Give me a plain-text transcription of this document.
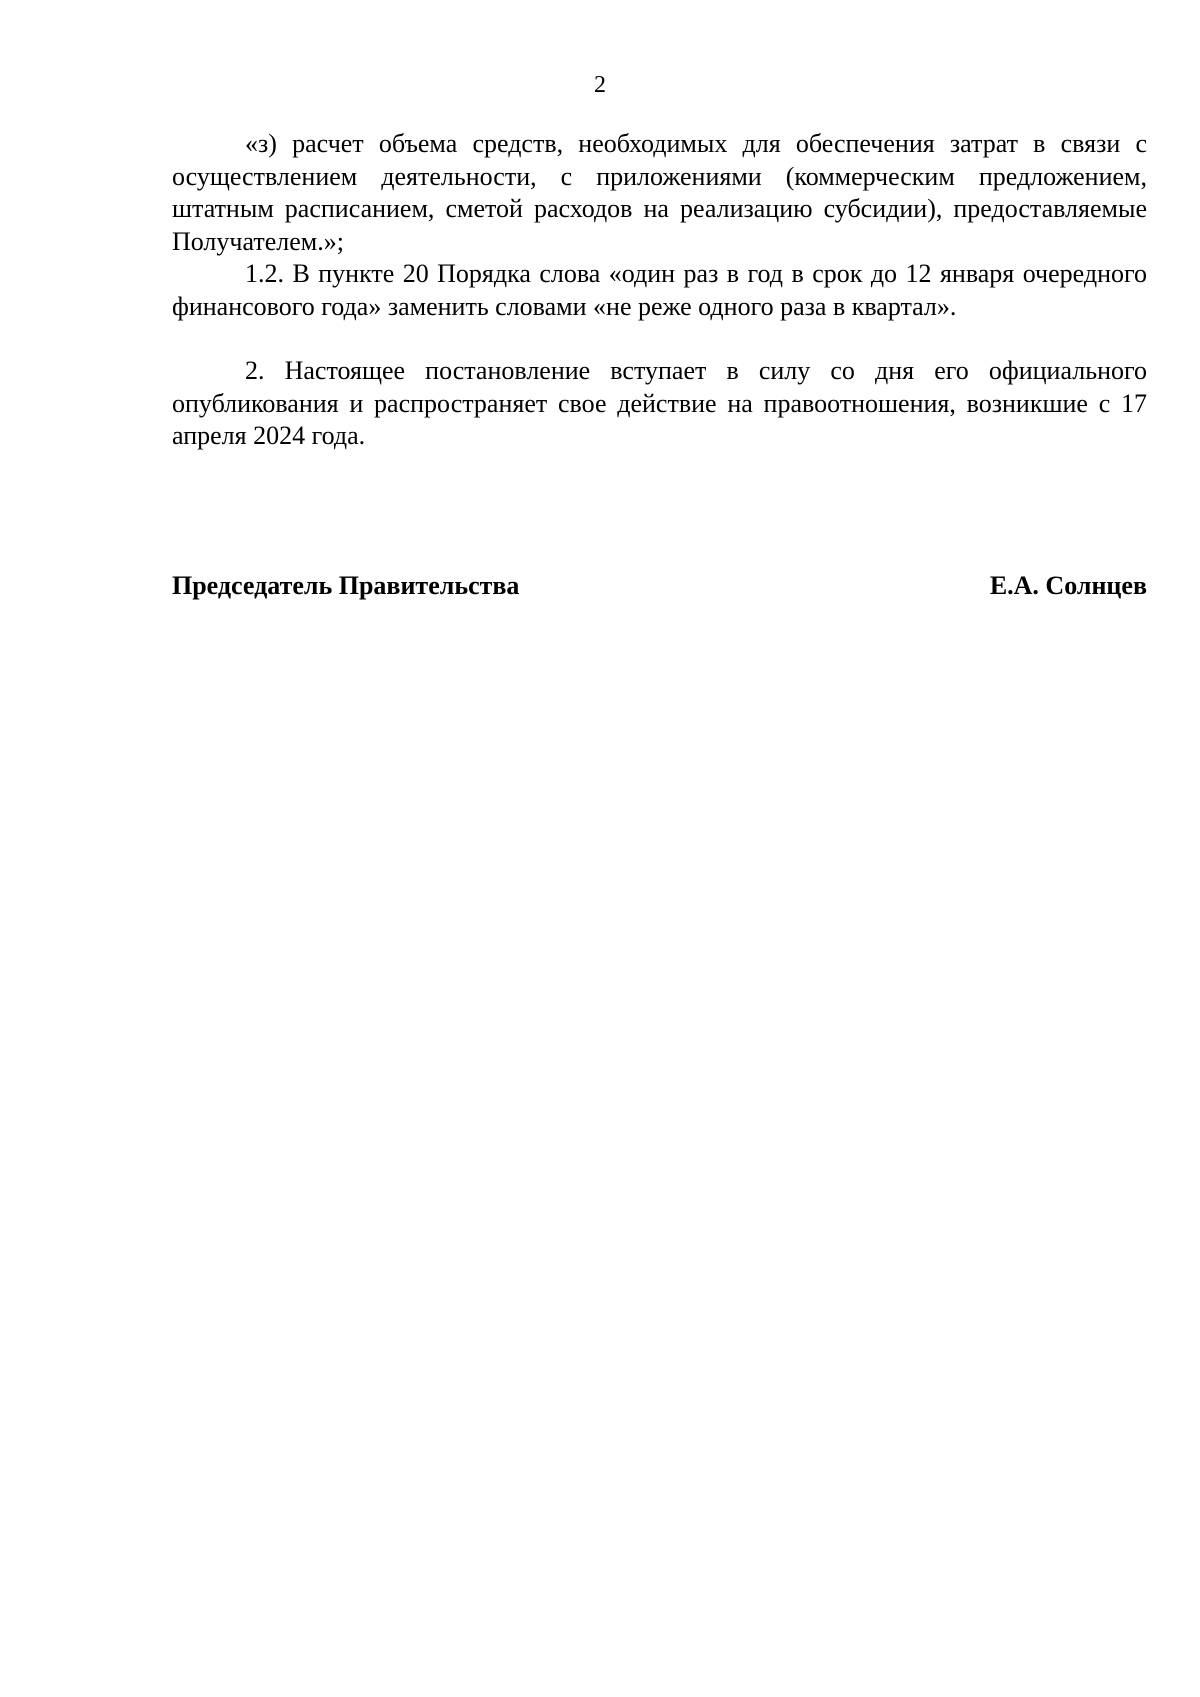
2

«з) расчет объема средств, необходимых для обеспечения затрат в связи с осуществлением деятельности, с приложениями (коммерческим предложением, штатным расписанием, сметой расходов на реализацию субсидии), предоставляемые Получателем.»;

1.2. В пункте 20 Порядка слова «один раз в год в срок до 12 января очередного финансового года» заменить словами «не реже одного раза в квартал».

2. Настоящее постановление вступает в силу со дня его официального опубликования и распространяет свое действие на правоотношения, возникшие с 17 апреля 2024 года.

Председатель Правительства	Е.А. Солнцев
